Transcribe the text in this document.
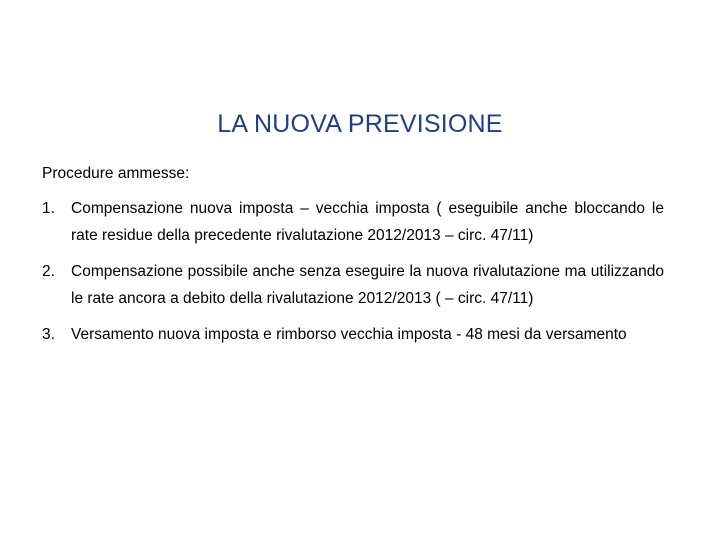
LA NUOVA PREVISIONE

Procedure ammesse:

1. Compensazione nuova imposta – vecchia imposta ( eseguibile anche bloccando le rate residue della precedente rivalutazione 2012/2013 – circ. 47/11)
2. Compensazione possibile anche senza eseguire la nuova rivalutazione ma utilizzando le rate ancora a debito della rivalutazione 2012/2013 ( – circ. 47/11)
3. Versamento nuova imposta e rimborso vecchia imposta - 48 mesi da versamento
